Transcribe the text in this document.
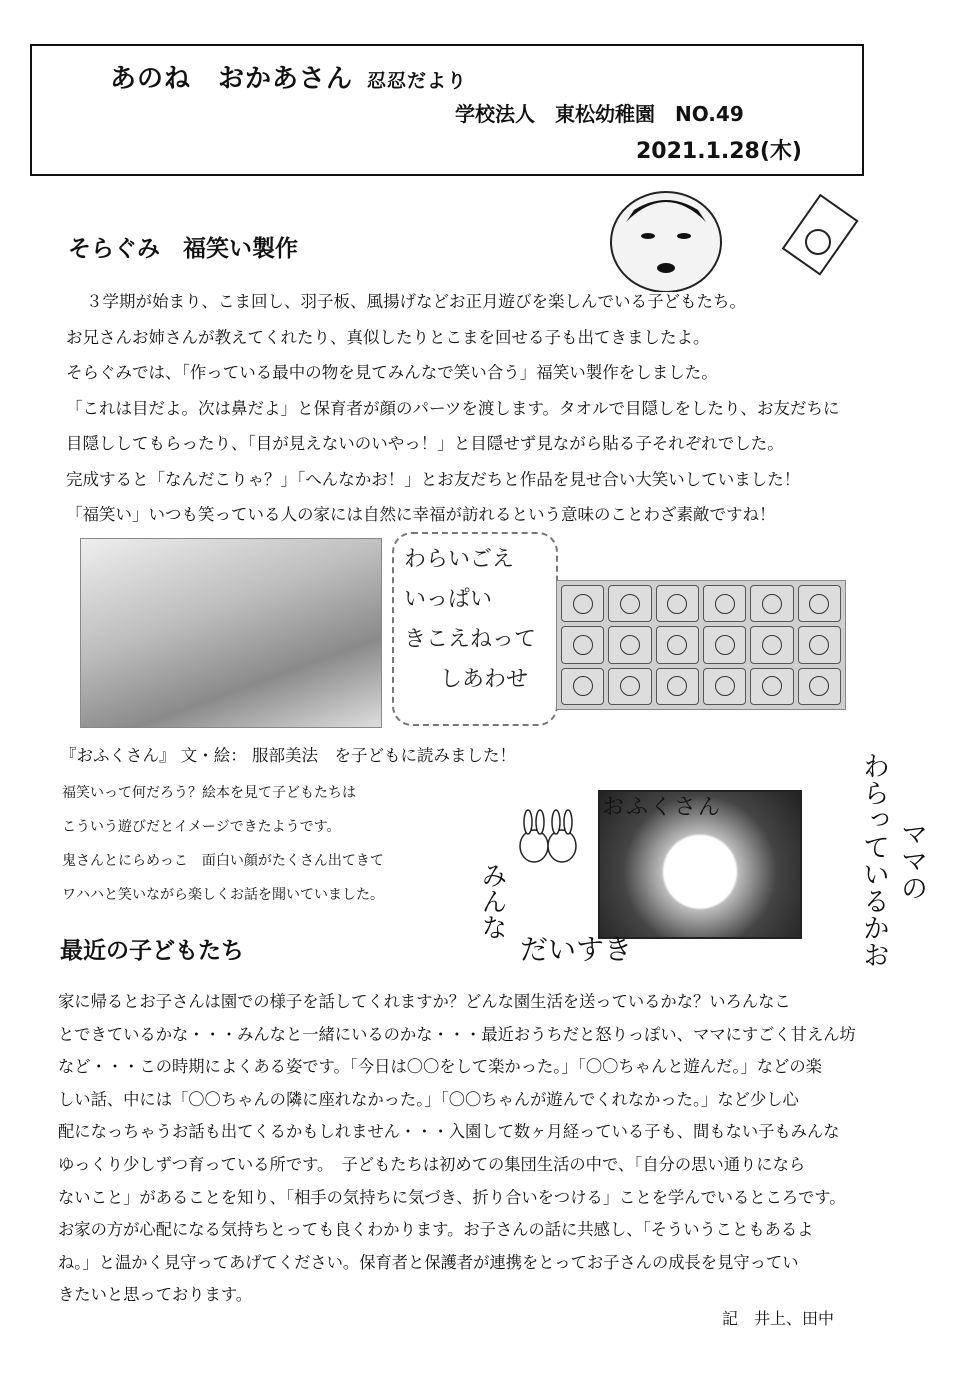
あのね　おかあさん 忍忍だより
学校法人　東松幼稚園　 NO.49
2021.1.28(木)
そらぐみ　福笑い製作
３学期が始まり、こま回し、羽子板、風揚げなどお正月遊びを楽しんでいる子どもたち。
お兄さんお姉さんが教えてくれたり、真似したりとこまを回せる子も出てきましたよ。
そらぐみでは、「作っている最中の物を見てみんなで笑い合う」福笑い製作をしました。
「これは目だよ。次は鼻だよ」と保育者が顔のパーツを渡します。タオルで目隠しをしたり、お友だちに
目隠ししてもらったり、「目が見えないのいやっ！」と目隠せず見ながら貼る子それぞれでした。
完成すると「なんだこりゃ？」「へんなかお！」とお友だちと作品を見せ合い大笑いしていました！
「福笑い」いつも笑っている人の家には自然に幸福が訪れるという意味のことわざ素敵ですね！
わらいごえ
いっぱい
きこえねって
しあわせ
『おふくさん』 文・絵： 服部美法　を子どもに読みました！
福笑いって何だろう？絵本を見て子どもたちは
こういう遊びだとイメージできたようです。
鬼さんとにらめっこ　面白い顔がたくさん出てきて
ワハハと笑いながら楽しくお話を聞いていました。
おふくさん
ママの
わらっているかお
みんな
だいすき
最近の子どもたち
家に帰るとお子さんは園での様子を話してくれますか？どんな園生活を送っているかな？いろんなこ
とできているかな・・・みんなと一緒にいるのかな・・・最近おうちだと怒りっぽい、ママにすごく甘えん坊
など・・・この時期によくある姿です。「今日は〇〇をして楽かった。」「〇〇ちゃんと遊んだ。」などの楽
しい話、中には「〇〇ちゃんの隣に座れなかった。」「〇〇ちゃんが遊んでくれなかった。」など少し心
配になっちゃうお話も出てくるかもしれません・・・入園して数ヶ月経っている子も、間もない子もみんな
ゆっくり少しずつ育っている所です。　子どもたちは初めての集団生活の中で、「自分の思い通りになら
ないこと」があることを知り、「相手の気持ちに気づき、折り合いをつける」ことを学んでいるところです。
お家の方が心配になる気持ちとっても良くわかります。お子さんの話に共感し、「そういうこともあるよ
ね。」と温かく見守ってあげてください。保育者と保護者が連携をとってお子さんの成長を見守ってい
きたいと思っております。
記　井上、田中
